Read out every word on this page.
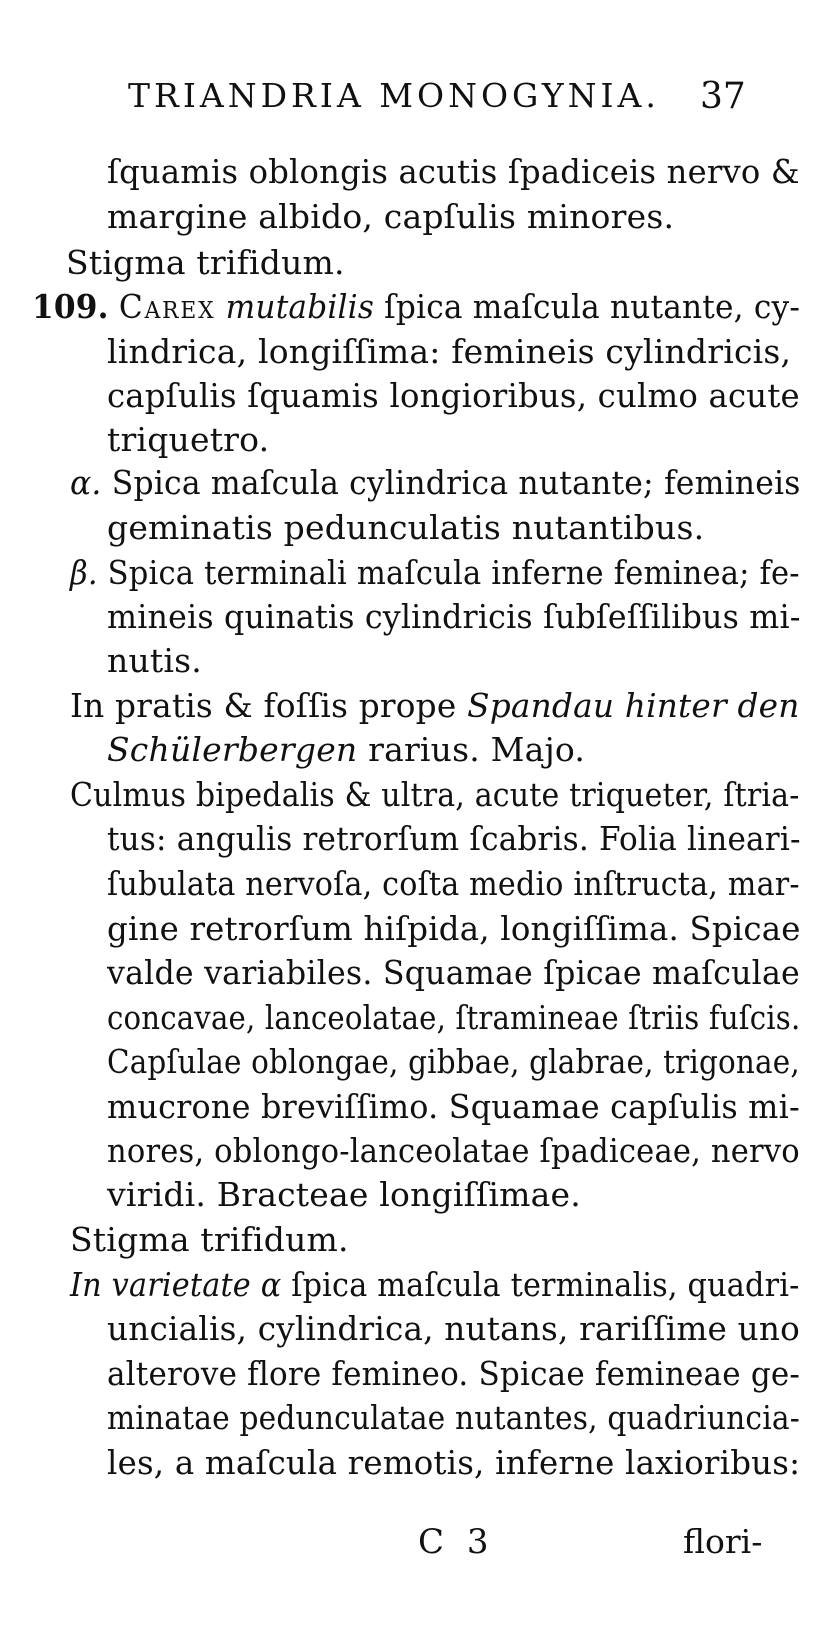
TRIANDRIA MONOGYNIA. 37
ſquamis oblongis acutis ſpadiceis nervo &
margine albido, capſulis minores.
Stigma trifidum.
109. Carex mutabilis ſpica maſcula nutante, cy-
lindrica, longiſſima: femineis cylindricis,
capſulis ſquamis longioribus, culmo acute
triquetro.
α. Spica maſcula cylindrica nutante; femineis
geminatis pedunculatis nutantibus.
β. Spica terminali maſcula inferne feminea; fe-
mineis quinatis cylindricis ſubſeſſilibus mi-
nutis.
In pratis & foſſis prope Spandau hinter den
Schülerbergen rarius. Majo.
Culmus bipedalis & ultra, acute triqueter, ſtria-
tus: angulis retrorſum ſcabris. Folia lineari-
ſubulata nervoſa, coſta medio inſtructa, mar-
gine retrorſum hiſpida, longiſſima. Spicae
valde variabiles. Squamae ſpicae maſculae
concavae, lanceolatae, ſtramineae ſtriis fuſcis.
Capſulae oblongae, gibbae, glabrae, trigonae,
mucrone breviſſimo. Squamae capſulis mi-
nores, oblongo-lanceolatae ſpadiceae, nervo
viridi. Bracteae longiſſimae.
Stigma trifidum.
In varietate α ſpica maſcula terminalis, quadri-
uncialis, cylindrica, nutans, rariſſime uno
alterove flore femineo. Spicae femineae ge-
minatae pedunculatae nutantes, quadriuncia-
les, a maſcula remotis, inferne laxioribus:
C 3	flori-
